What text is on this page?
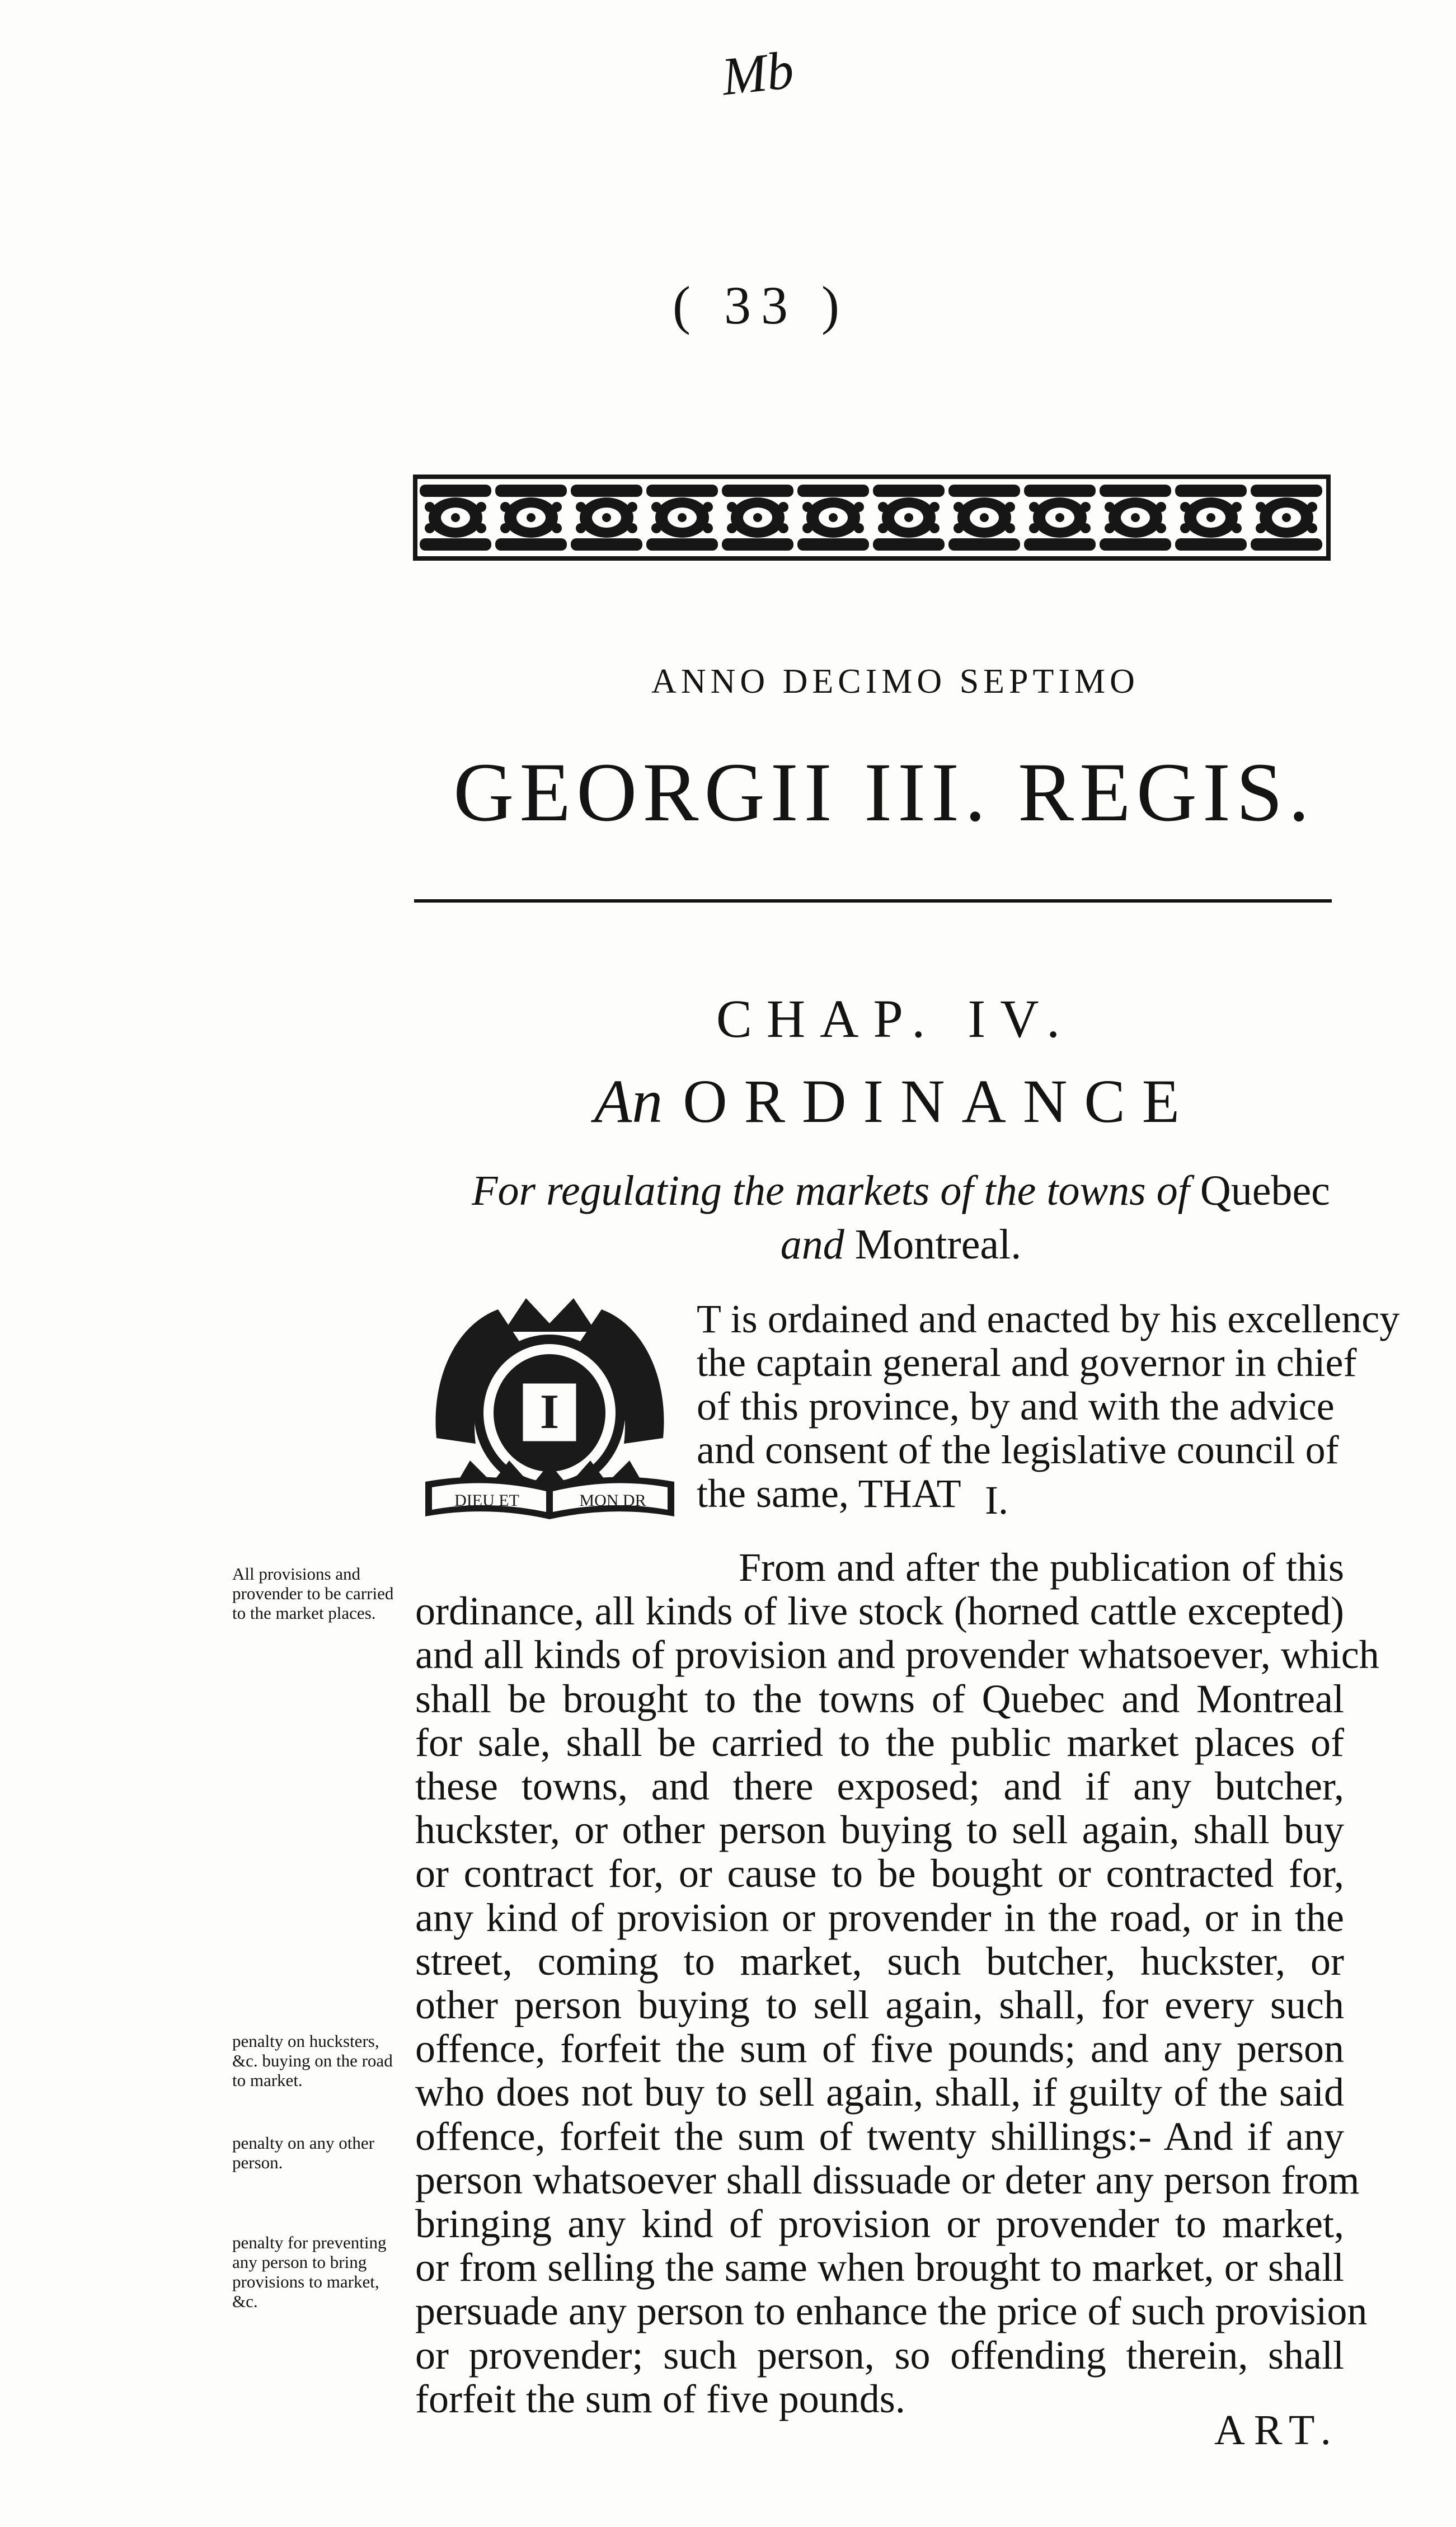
Mb
( 33 )
ANNO DECIMO SEPTIMO
GEORGII III. REGIS.
CHAP. IV.
An ORDINANCE
For regulating the markets of the towns of Quebec
and Montreal.
I
DIEU ET	MON DR
T is ordained and enacted by his excellency
the captain general and governor in chief
of this province, by and with the advice
and consent of the legislative council of
the same, THAT I.
From and after the publication of this
ordinance, all kinds of live stock (horned cattle excepted)
and all kinds of provision and provender whatsoever, which
shall be brought to the towns of Quebec and Montreal
for sale, shall be carried to the public market places of
these towns, and there exposed; and if any butcher,
huckster, or other person buying to sell again, shall buy
or contract for, or cause to be bought or contracted for,
any kind of provision or provender in the road, or in the
street, coming to market, such butcher, huckster, or
other person buying to sell again, shall, for every such
offence, forfeit the sum of five pounds; and any person
who does not buy to sell again, shall, if guilty of the said
offence, forfeit the sum of twenty shillings:- And if any
person whatsoever shall dissuade or deter any person from
bringing any kind of provision or provender to market,
or from selling the same when brought to market, or shall
persuade any person to enhance the price of such provision
or provender; such person, so offending therein, shall
forfeit the sum of five pounds.
All provisions and provender to be carried to the market places.
penalty on hucksters, &c. buying on the road to market.
penalty on any other person.
penalty for preventing any person to bring provisions to market, &c.
ART.
